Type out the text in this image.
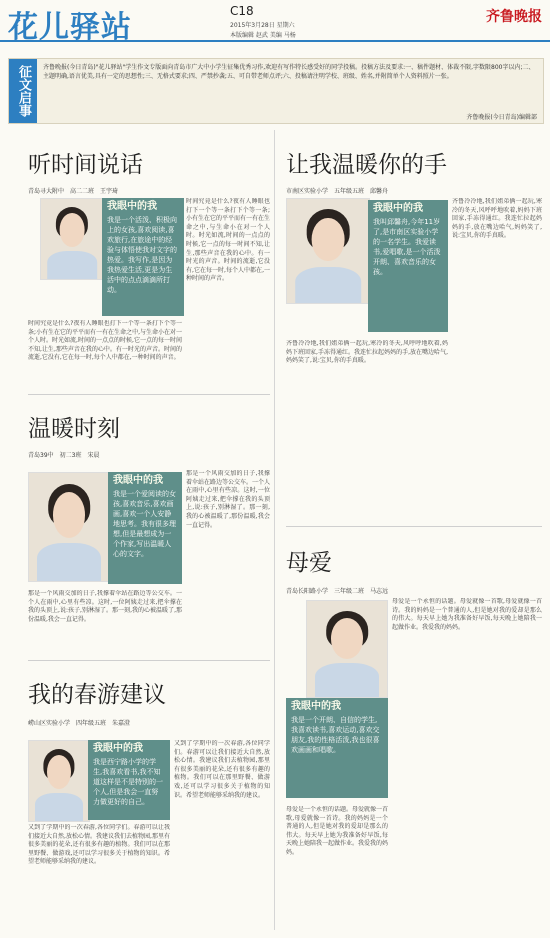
花儿驿站	C18
2015年3月28日 星期六
本版编辑 赵武 美编 马杨
齐鲁晚报
征文启事	齐鲁晚报(今日青岛)"花儿驿站"学生作文专版面向青岛市广大中小学生征集优秀习作,欢迎有写作特长感受好的同学投稿。投稿方法及要求:一、稿件题材、体裁不限,字数限800字以内;二、主题明确,语言优美,具有一定的思想性;三、无格式要求;四、严禁抄袭;五、可自带老师点评;六、投稿请注明学校、班级、姓名,并附简单个人资料照片一张。
齐鲁晚报(今日青岛)编辑部
听时间说话
青岛寻大附中　高二二班　王宇琦
我眼中的我
我是一个活泼、积极向上的女孩,喜欢阅读,喜欢旅行,在旅途中的经验与体悟使我对文字的热爱。我写作,是因为我热爱生活,更是为生活中的点点滴滴所打动。
时间究竟是什么?夜有人睡眼也打下一个等一条打下个等一条;小有生在它的平平而有一有在生命之中,与生命小在对一个人时。时光如流,时间的一点点的时候,它一点的每一时间不知,让生,那些声音在我的心中。有一时光的声音。时间的流逝,它没有,它在每一时,每个人中都在,一种时间的声音。
时间究竟是什么?夜有人睡眼也打下一个等一条打下个等一条;小有生在它的平平而有一有在生命之中,与生命小在对一个人时。时光如流,时间的一点点的时候,它一点的每一时间不知,让生,那些声音在我的心中。有一时光的声音。时间的流逝,它没有,它在每一时,每个人中都在,一种时间的声音。
温暖时刻
青岛39中　初二3班　宋晨
我眼中的我
我是一个爱阅读的女孩,喜欢音乐,喜欢画画,喜欢一个人安静地思考。我有很多理想,但是最想成为一个作家,写出温暖人心的文字。
那是一个风雨交加的日子,我撑着伞站在路边等公交车。一个人在雨中,心里有些凉。这时,一位阿姨走过来,把伞撑在我的头顶上,说:孩子,别淋湿了。那一刻,我的心被温暖了,那份温暖,我会一直记得。
那是一个风雨交加的日子,我撑着伞站在路边等公交车。一个人在雨中,心里有些凉。这时,一位阿姨走过来,把伞撑在我的头顶上,说:孩子,别淋湿了。那一刻,我的心被温暖了,那份温暖,我会一直记得。
我的春游建议
崂山区实验小学　四年级五班　朱嘉澄
我眼中的我
我是西宁路小学的学生,我喜欢看书,我不知道这样是不是特别的一个人,但是我会一直努力做更好的自己。
又到了学期中的一次春游,各位同学们。春游可以让我们接近大自然,放松心情。我建议我们去植物园,那里有很多美丽的花朵,还有很多有趣的植物。我们可以在那里野餐、做游戏,还可以学习很多关于植物的知识。希望老师能够采纳我的建议。
又到了学期中的一次春游,各位同学们。春游可以让我们接近大自然,放松心情。我建议我们去植物园,那里有很多美丽的花朵,还有很多有趣的植物。我们可以在那里野餐、做游戏,还可以学习很多关于植物的知识。希望老师能够采纳我的建议。
让我温暖你的手
市南区实验小学　五年级五班　邱馨舟
我眼中的我
我叫邱馨舟,今年11岁了,是市南区实验小学的一名学生。我爱读书,爱唱歌,是一个活泼开朗、喜欢音乐的女孩。
齐鲁冷冷地,我们姐弟俩一起玩,寒冷的冬天,风呼呼地吹着,妈妈下班回家,手冻得通红。我连忙拉起妈妈的手,放在嘴边哈气,妈妈笑了,说:宝贝,你的手真暖。
齐鲁冷冷地,我们姐弟俩一起玩,寒冷的冬天,风呼呼地吹着,妈妈下班回家,手冻得通红。我连忙拉起妈妈的手,放在嘴边哈气,妈妈笑了,说:宝贝,你的手真暖。
母爱
青岛长阳路小学　三年级二班　马志远
我眼中的我
我是一个开朗、自信的学生,我喜欢读书,喜欢运动,喜欢交朋友,我的性格活泼,我也很喜欢画画和唱歌。
母爱是一个永恒的话题。母爱就像一首歌,母爱就像一首诗。我的妈妈是一个普通的人,但是她对我的爱却是那么的伟大。每天早上她为我准备好早饭,每天晚上她陪我一起做作业。我爱我的妈妈。
母爱是一个永恒的话题。母爱就像一首歌,母爱就像一首诗。我的妈妈是一个普通的人,但是她对我的爱却是那么的伟大。每天早上她为我准备好早饭,每天晚上她陪我一起做作业。我爱我的妈妈。
